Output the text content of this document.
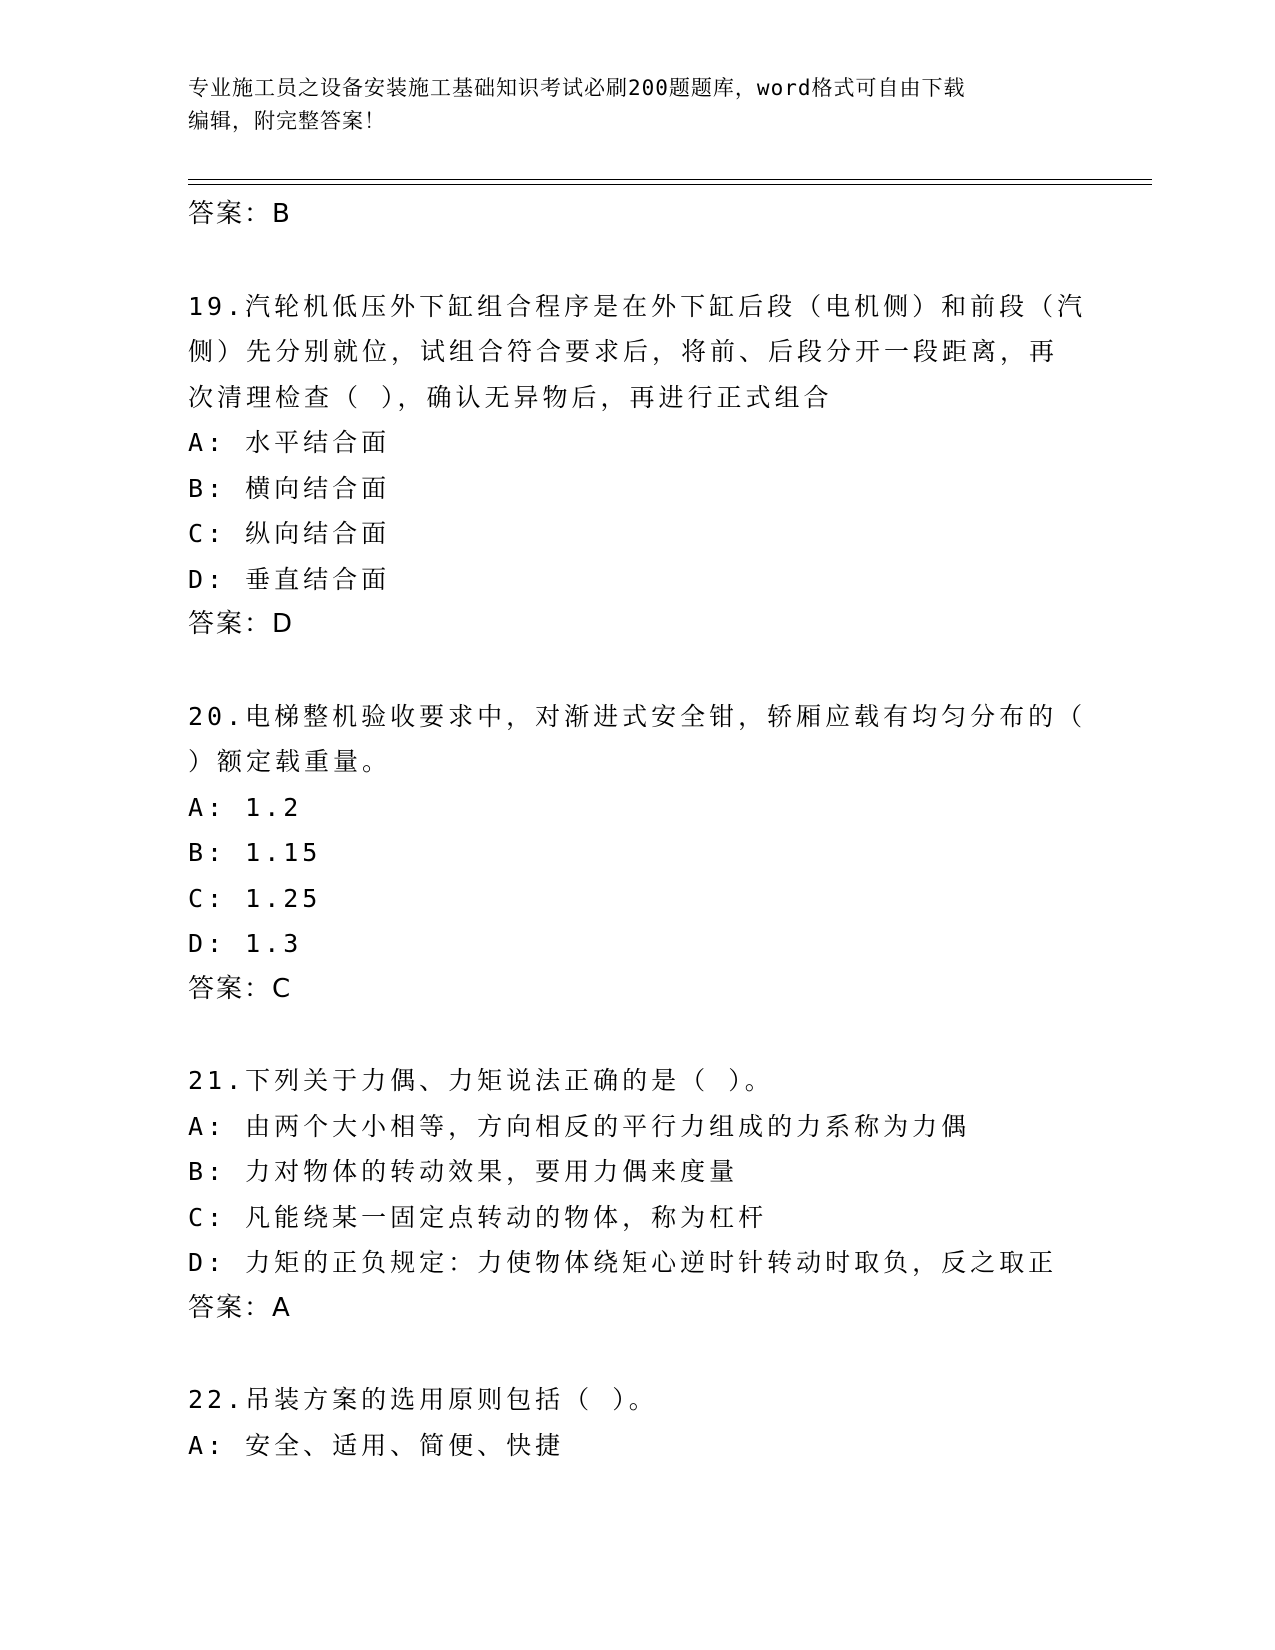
专业施工员之设备安装施工基础知识考试必刷200题题库，word格式可自由下载
编辑，附完整答案！
答案：B
19.汽轮机低压外下缸组合程序是在外下缸后段（电机侧）和前段（汽
侧）先分别就位，试组合符合要求后，将前、后段分开一段距离，再
次清理检查（ ），确认无异物后，再进行正式组合
A: 水平结合面
B: 横向结合面
C: 纵向结合面
D: 垂直结合面
答案：D
20.电梯整机验收要求中，对渐进式安全钳，轿厢应载有均匀分布的（
）额定载重量。
A: 1.2
B: 1.15
C: 1.25
D: 1.3
答案：C
21.下列关于力偶、力矩说法正确的是（ ）。
A: 由两个大小相等，方向相反的平行力组成的力系称为力偶
B: 力对物体的转动效果，要用力偶来度量
C: 凡能绕某一固定点转动的物体，称为杠杆
D: 力矩的正负规定：力使物体绕矩心逆时针转动时取负，反之取正
答案：A
22.吊装方案的选用原则包括（ ）。
A: 安全、适用、简便、快捷
